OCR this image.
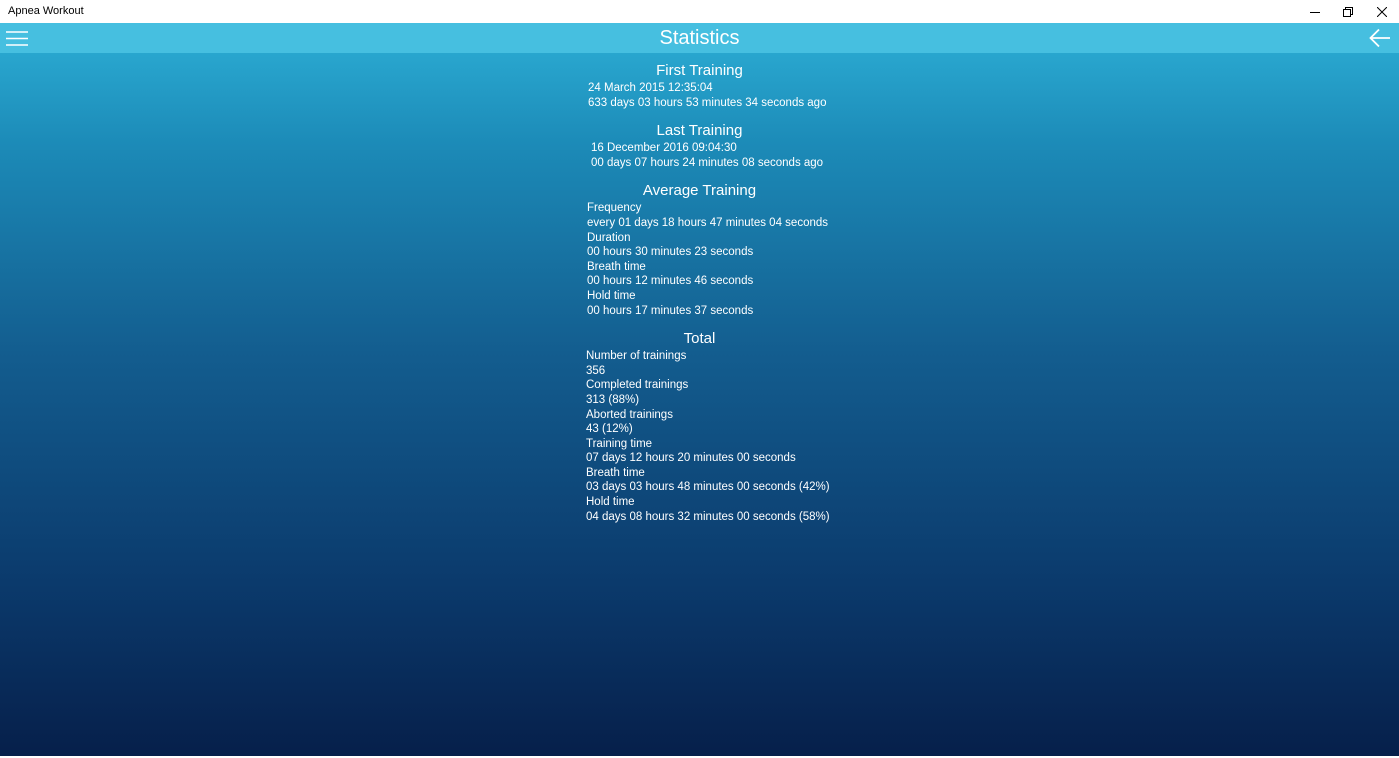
Apnea Workout
Statistics
First Training
24 March 2015 12:35:04
633 days 03 hours 53 minutes 34 seconds ago
Last Training
16 December 2016 09:04:30
00 days 07 hours 24 minutes 08 seconds ago
Average Training
Frequency
every 01 days 18 hours 47 minutes 04 seconds
Duration
00 hours 30 minutes 23 seconds
Breath time
00 hours 12 minutes 46 seconds
Hold time
00 hours 17 minutes 37 seconds
Total
Number of trainings
356
Completed trainings
313 (88%)
Aborted trainings
43 (12%)
Training time
07 days 12 hours 20 minutes 00 seconds
Breath time
03 days 03 hours 48 minutes 00 seconds (42%)
Hold time
04 days 08 hours 32 minutes 00 seconds (58%)
